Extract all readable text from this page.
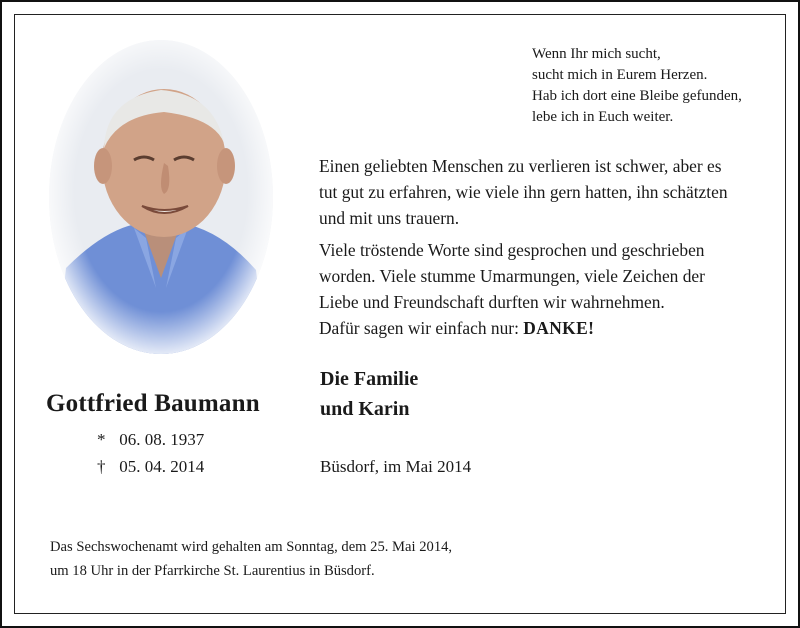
Wenn Ihr mich sucht,
sucht mich in Eurem Herzen.
Hab ich dort eine Bleibe gefunden,
lebe ich in Euch weiter.
Einen geliebten Menschen zu verlieren ist schwer, aber es
tut gut zu erfahren, wie viele ihn gern hatten, ihn schätzten
und mit uns trauern.
Viele tröstende Worte sind gesprochen und geschrieben
worden. Viele stumme Umarmungen, viele Zeichen der
Liebe und Freundschaft durften wir wahrnehmen.
Dafür sagen wir einfach nur: DANKE!
Gottfried Baumann
* 06. 08. 1937
† 05. 04. 2014
Die Familie
und Karin
Büsdorf, im Mai 2014
Das Sechswochenamt wird gehalten am Sonntag, dem 25. Mai 2014,
um 18 Uhr in der Pfarrkirche St. Laurentius in Büsdorf.
